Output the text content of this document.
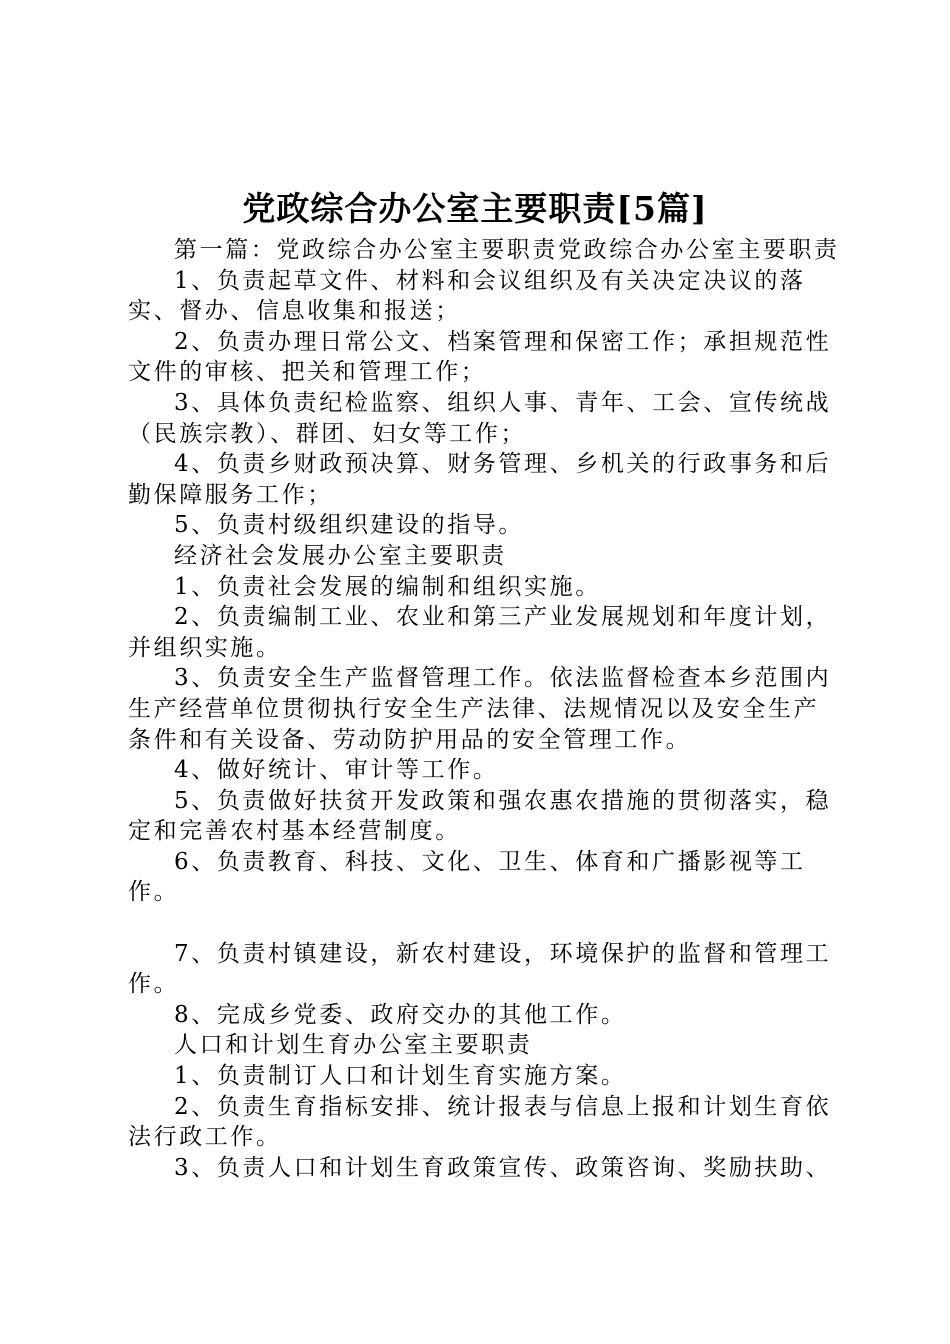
党政综合办公室主要职责[5篇]

第一篇：党政综合办公室主要职责党政综合办公室主要职责

1、负责起草文件、材料和会议组织及有关决定决议的落实、督办、信息收集和报送；

2、负责办理日常公文、档案管理和保密工作；承担规范性文件的审核、把关和管理工作；

3、具体负责纪检监察、组织人事、青年、工会、宣传统战（民族宗教）、群团、妇女等工作；

4、负责乡财政预决算、财务管理、乡机关的行政事务和后勤保障服务工作；

5、负责村级组织建设的指导。

经济社会发展办公室主要职责

1、负责社会发展的编制和组织实施。

2、负责编制工业、农业和第三产业发展规划和年度计划，并组织实施。

3、负责安全生产监督管理工作。依法监督检查本乡范围内生产经营单位贯彻执行安全生产法律、法规情况以及安全生产条件和有关设备、劳动防护用品的安全管理工作。

4、做好统计、审计等工作。

5、负责做好扶贫开发政策和强农惠农措施的贯彻落实，稳定和完善农村基本经营制度。

6、负责教育、科技、文化、卫生、体育和广播影视等工作。

7、负责村镇建设，新农村建设，环境保护的监督和管理工作。

8、完成乡党委、政府交办的其他工作。

人口和计划生育办公室主要职责

1、负责制订人口和计划生育实施方案。

2、负责生育指标安排、统计报表与信息上报和计划生育依法行政工作。

3、负责人口和计划生育政策宣传、政策咨询、奖励扶助、
